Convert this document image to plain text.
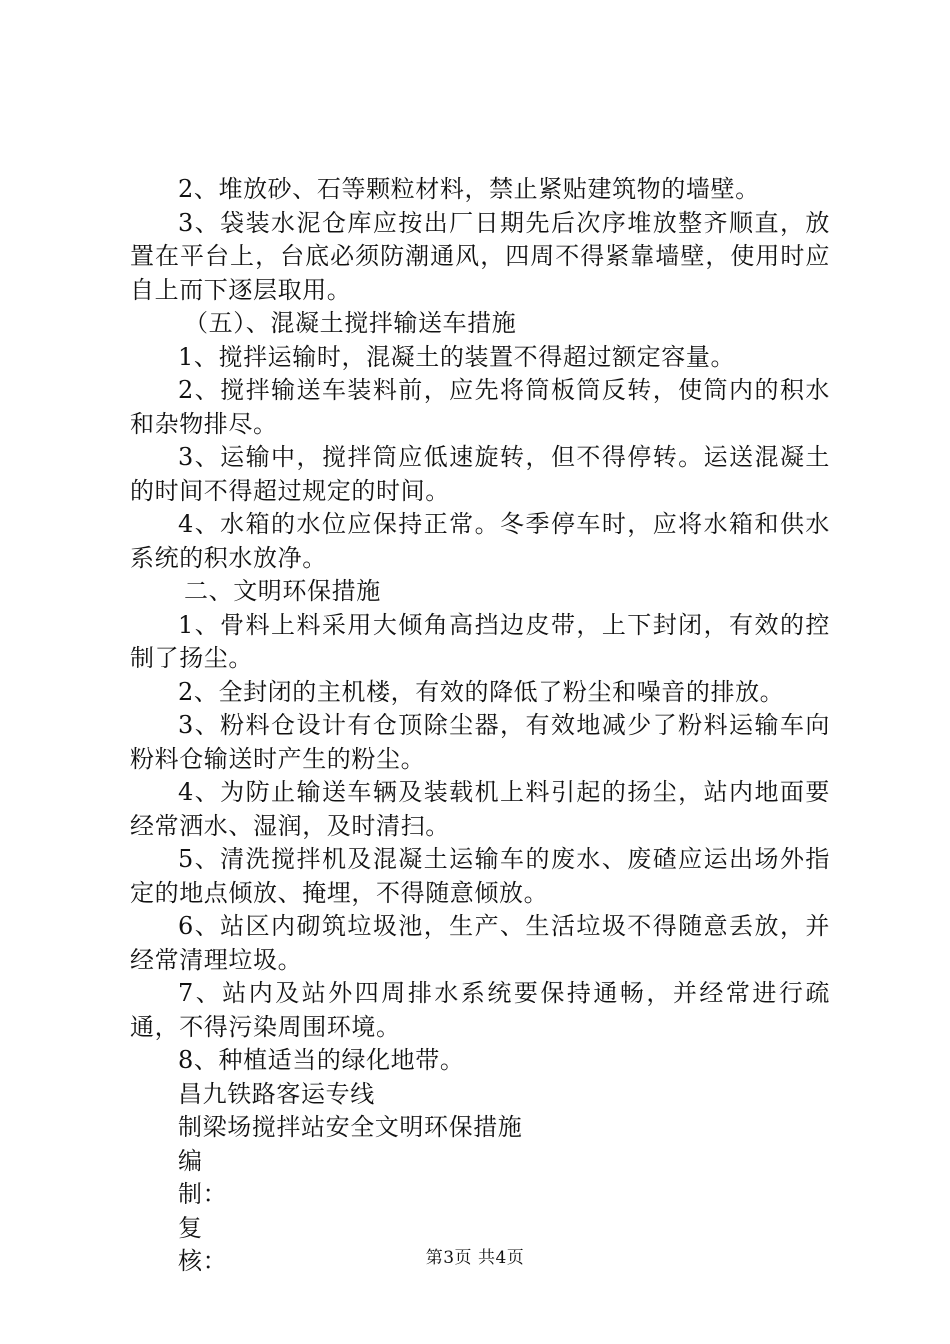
2、堆放砂、石等颗粒材料，禁止紧贴建筑物的墙壁。

3、袋装水泥仓库应按出厂日期先后次序堆放整齐顺直，放置在平台上，台底必须防潮通风，四周不得紧靠墙壁，使用时应自上而下逐层取用。

（五）、混凝土搅拌输送车措施

1、搅拌运输时，混凝土的装置不得超过额定容量。

2、搅拌输送车装料前，应先将筒板筒反转，使筒内的积水和杂物排尽。

3、运输中，搅拌筒应低速旋转，但不得停转。运送混凝土的时间不得超过规定的时间。

4、水箱的水位应保持正常。冬季停车时，应将水箱和供水系统的积水放净。

二、文明环保措施

1、骨料上料采用大倾角高挡边皮带，上下封闭，有效的控制了扬尘。

2、全封闭的主机楼，有效的降低了粉尘和噪音的排放。

3、粉料仓设计有仓顶除尘器，有效地减少了粉料运输车向粉料仓输送时产生的粉尘。

4、为防止输送车辆及装载机上料引起的扬尘，站内地面要经常洒水、湿润，及时清扫。

5、清洗搅拌机及混凝土运输车的废水、废碴应运出场外指定的地点倾放、掩埋，不得随意倾放。

6、站区内砌筑垃圾池，生产、生活垃圾不得随意丢放，并经常清理垃圾。

7、站内及站外四周排水系统要保持通畅，并经常进行疏通，不得污染周围环境。

8、种植适当的绿化地带。

昌九铁路客运专线
制梁场搅拌站安全文明环保措施
编
制：
复
核：	第3页 共4页
